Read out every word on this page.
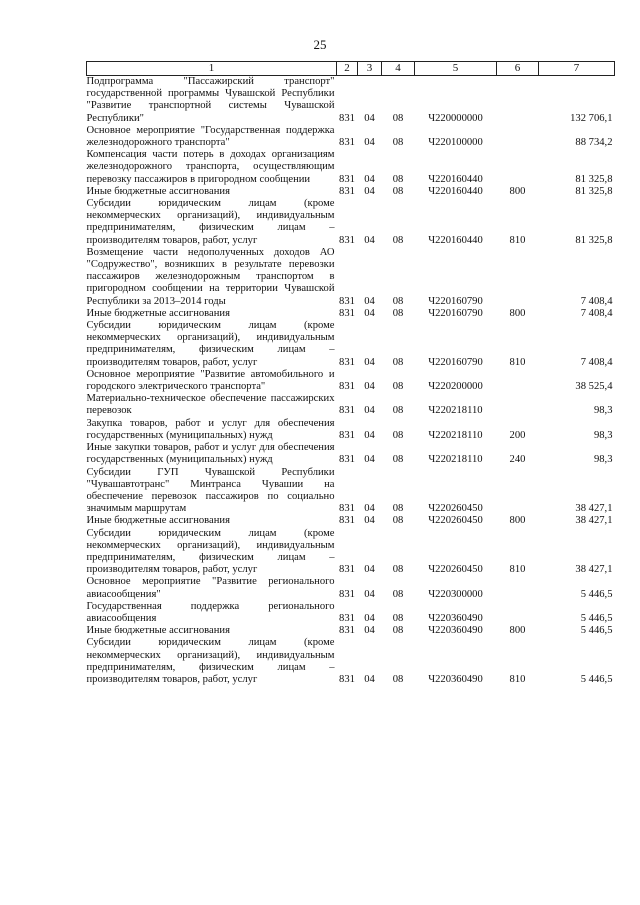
25
1	2	3	4	5	6	7
Подпрограмма "Пассажирский транспорт" государственной программы Чувашской Республики "Развитие транспортной системы Чувашской Республики"	831	04	08	Ч220000000		132 706,1
Основное мероприятие "Государственная поддержка железнодорожного транспорта"	831	04	08	Ч220100000		88 734,2
Компенсация части потерь в доходах организациям железнодорожного транспорта, осуществляющим перевозку пассажиров в пригородном сообщении	831	04	08	Ч220160440		81 325,8
Иные бюджетные ассигнования	831	04	08	Ч220160440	800	81 325,8
Субсидии юридическим лицам (кроме некоммерческих организаций), индивидуальным предпринимателям, физическим лицам – производителям товаров, работ, услуг	831	04	08	Ч220160440	810	81 325,8
Возмещение части недополученных доходов АО "Содружество", возникших в результате перевозки пассажиров железнодорожным транспортом в пригородном сообщении на территории Чувашской Республики за 2013–2014 годы	831	04	08	Ч220160790		7 408,4
Иные бюджетные ассигнования	831	04	08	Ч220160790	800	7 408,4
Субсидии юридическим лицам (кроме некоммерческих организаций), индивидуальным предпринимателям, физическим лицам – производителям товаров, работ, услуг	831	04	08	Ч220160790	810	7 408,4
Основное мероприятие "Развитие автомобильного и городского электрического транспорта"	831	04	08	Ч220200000		38 525,4
Материально-техническое обеспечение пассажирских перевозок	831	04	08	Ч220218110		98,3
Закупка товаров, работ и услуг для обеспечения государственных (муниципальных) нужд	831	04	08	Ч220218110	200	98,3
Иные закупки товаров, работ и услуг для обеспечения государственных (муниципальных) нужд	831	04	08	Ч220218110	240	98,3
Субсидии ГУП Чувашской Республики "Чувашавтотранс" Минтранса Чувашии на обеспечение перевозок пассажиров по социально значимым маршрутам	831	04	08	Ч220260450		38 427,1
Иные бюджетные ассигнования	831	04	08	Ч220260450	800	38 427,1
Субсидии юридическим лицам (кроме некоммерческих организаций), индивидуальным предпринимателям, физическим лицам – производителям товаров, работ, услуг	831	04	08	Ч220260450	810	38 427,1
Основное мероприятие "Развитие регионального авиасообщения"	831	04	08	Ч220300000		5 446,5
Государственная поддержка регионального авиасообщения	831	04	08	Ч220360490		5 446,5
Иные бюджетные ассигнования	831	04	08	Ч220360490	800	5 446,5
Субсидии юридическим лицам (кроме некоммерческих организаций), индивидуальным предпринимателям, физическим лицам – производителям товаров, работ, услуг	831	04	08	Ч220360490	810	5 446,5
